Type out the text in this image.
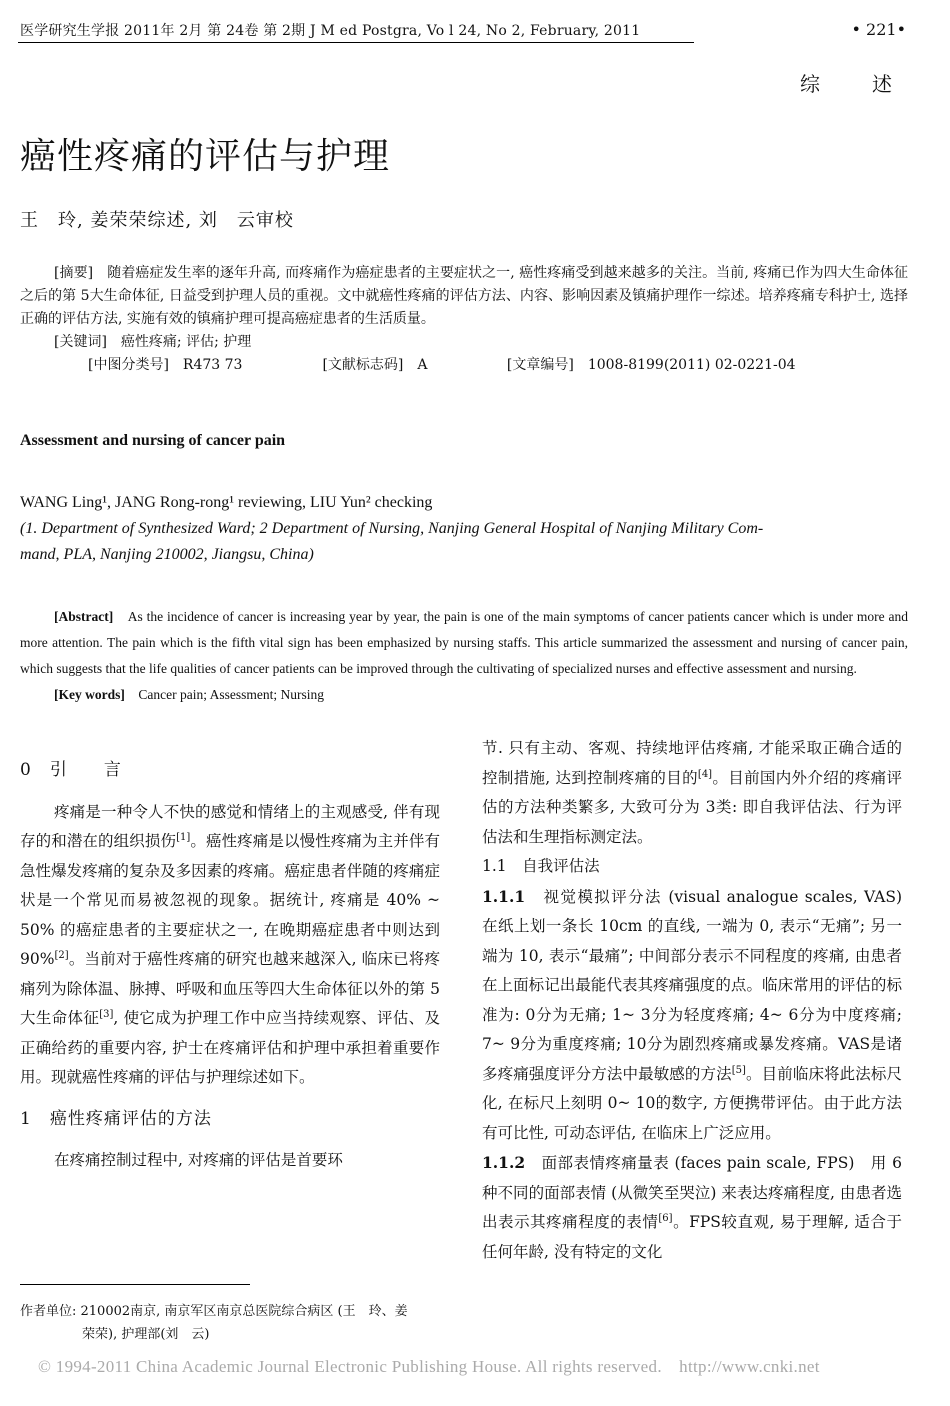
医学研究生学报 2011年 2月 第 24卷 第 2期 J M ed Postgra, Vo l 24, No 2, February, 2011	• 221•
综述
癌性疼痛的评估与护理
王　玲, 姜荣荣综述, 刘　云审校

[摘要]　随着癌症发生率的逐年升高, 而疼痛作为癌症患者的主要症状之一, 癌性疼痛受到越来越多的关注。当前, 疼痛已作为四大生命体征之后的第 5大生命体征, 日益受到护理人员的重视。文中就癌性疼痛的评估方法、内容、影响因素及镇痛护理作一综述。培养疼痛专科护士, 选择正确的评估方法, 实施有效的镇痛护理可提高癌症患者的生活质量。

[关键词]　癌性疼痛; 评估; 护理

[中图分类号]　R473 73	[文献标志码]　A	[文章编号]　1008-8199(2011) 02-0221-04

Assessment and nursing of cancer pain

WANG Ling¹, JANG Rong-rong¹ reviewing, LIU Yun² checking

(1. Department of Synthesized Ward; 2 Department of Nursing, Nanjing General Hospital of Nanjing Military Com-

mand, PLA, Nanjing 210002, Jiangsu, China)

[Abstract]　 As the incidence of cancer is increasing year by year, the pain is one of the main symptoms of cancer patients cancer which is under more and more attention. The pain which is the fifth vital sign has been emphasized by nursing staffs. This article summarized the assessment and nursing of cancer pain, which suggests that the life qualities of cancer patients can be improved through the cultivating of specialized nurses and effective assessment and nursing.

[Key words]　 Cancer pain; Assessment; Nursing

0　引　　言

疼痛是一种令人不快的感觉和情绪上的主观感受, 伴有现存的和潜在的组织损伤[1]。癌性疼痛是以慢性疼痛为主并伴有急性爆发疼痛的复杂及多因素的疼痛。癌症患者伴随的疼痛症状是一个常见而易被忽视的现象。据统计, 疼痛是 40% ~ 50% 的癌症患者的主要症状之一, 在晚期癌症患者中则达到 90%[2]。当前对于癌性疼痛的研究也越来越深入, 临床已将疼痛列为除体温、脉搏、呼吸和血压等四大生命体征以外的第 5大生命体征[3], 使它成为护理工作中应当持续观察、评估、及正确给药的重要内容, 护士在疼痛评估和护理中承担着重要作用。现就癌性疼痛的评估与护理综述如下。

1　癌性疼痛评估的方法

在疼痛控制过程中, 对疼痛的评估是首要环

节. 只有主动、客观、持续地评估疼痛, 才能采取正确合适的控制措施, 达到控制疼痛的目的[4]。目前国内外介绍的疼痛评估的方法种类繁多, 大致可分为 3类: 即自我评估法、行为评估法和生理指标测定法。

1.1　自我评估法

1.1.1　 视觉模拟评分法 (visual analogue scales, VAS)　在纸上划一条长 10cm 的直线, 一端为 0, 表示“无痛”; 另一端为 10, 表示“最痛”; 中间部分表示不同程度的疼痛, 由患者在上面标记出最能代表其疼痛强度的点。临床常用的评估的标准为: 0分为无痛; 1~ 3分为轻度疼痛; 4~ 6分为中度疼痛; 7~ 9分为重度疼痛; 10分为剧烈疼痛或暴发疼痛。VAS是诸多疼痛强度评分方法中最敏感的方法[5]。目前临床将此法标尺化, 在标尺上刻明 0~ 10的数字, 方便携带评估。由于此方法有可比性, 可动态评估, 在临床上广泛应用。

1.1.2　 面部表情疼痛量表 (faces pain scale, FPS)　用 6种不同的面部表情 (从微笑至哭泣) 来表达疼痛程度, 由患者选出表示其疼痛程度的表情[6]。FPS较直观, 易于理解, 适合于任何年龄, 没有特定的文化

作者单位: 210002南京, 南京军区南京总医院综合病区 (王　玲、姜

荣荣), 护理部(刘　云)

© 1994-2011 China Academic Journal Electronic Publishing House. All rights reserved.　http://www.cnki.net
